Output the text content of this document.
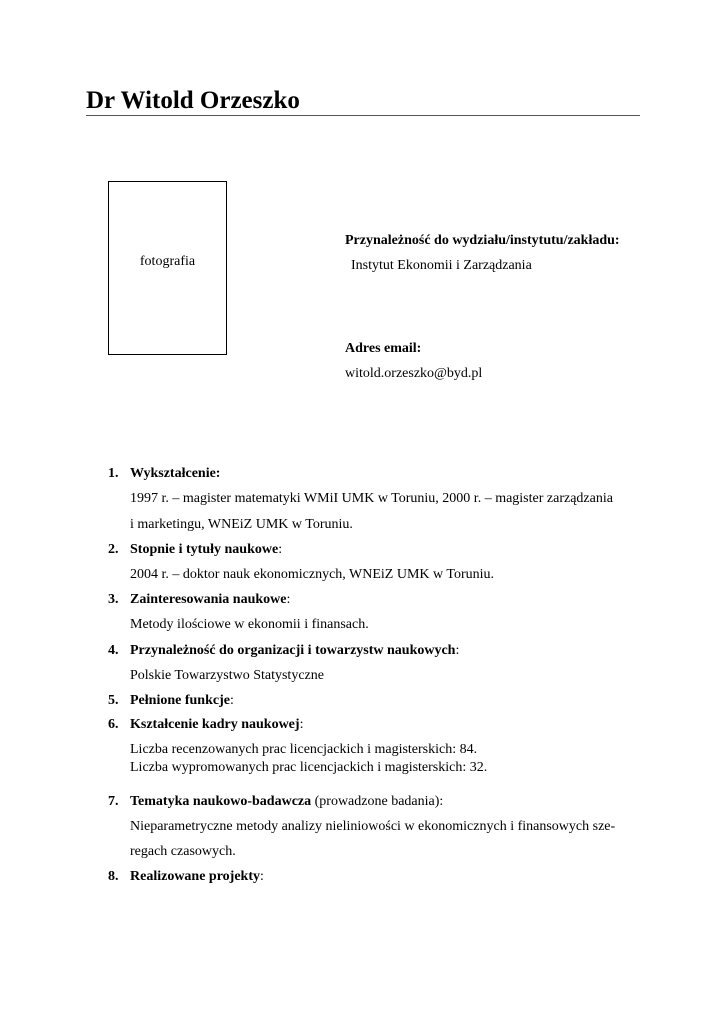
Dr Witold Orzeszko
fotografia
Przynależność do wydziału/instytutu/zakładu:
Instytut Ekonomii i Zarządzania
Adres email:
witold.orzeszko@byd.pl
1. Wykształcenie:
1997 r. – magister matematyki WMiI UMK w Toruniu, 2000 r. – magister zarządzania
i marketingu, WNEiZ UMK w Toruniu.
2. Stopnie i tytuły naukowe:
2004 r. – doktor nauk ekonomicznych, WNEiZ UMK w Toruniu.
3. Zainteresowania naukowe:
Metody ilościowe w ekonomii i finansach.
4. Przynależność do organizacji i towarzystw naukowych:
Polskie Towarzystwo Statystyczne
5. Pełnione funkcje:
6. Kształcenie kadry naukowej:
Liczba recenzowanych prac licencjackich i magisterskich: 84.
Liczba wypromowanych prac licencjackich i magisterskich: 32.
7. Tematyka naukowo-badawcza (prowadzone badania):
Nieparametryczne metody analizy nieliniowości w ekonomicznych i finansowych sze-
regach czasowych.
8. Realizowane projekty:
